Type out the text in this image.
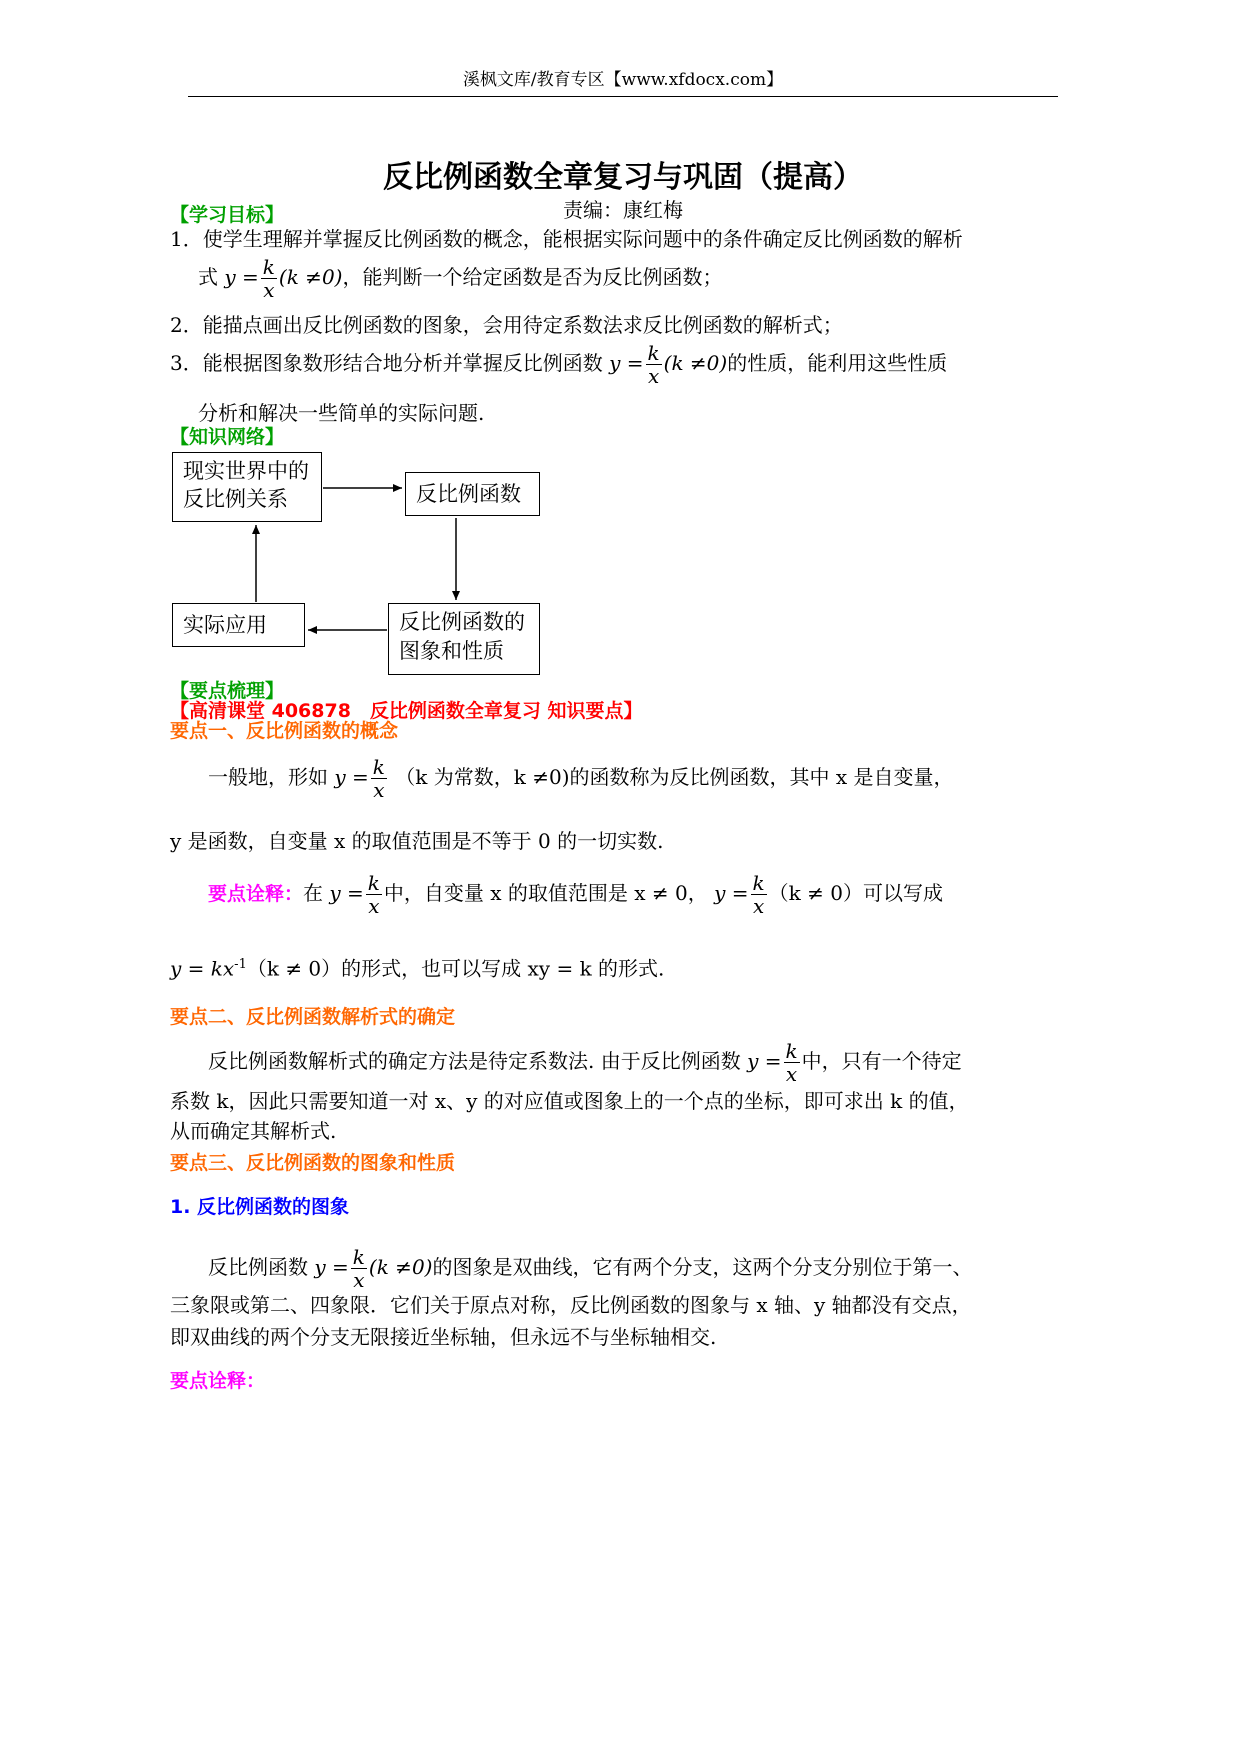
溪枫文库/教育专区【www.xfdocx.com】
反比例函数全章复习与巩固（提高）
责编：康红梅
【学习目标】
1．使学生理解并掌握反比例函数的概念，能根据实际问题中的条件确定反比例函数的解析
式 $y = \frac{k}{x} (k \ne 0)$，能判断一个给定函数是否为反比例函数；
2．能描点画出反比例函数的图象，会用待定系数法求反比例函数的解析式；
3．能根据图象数形结合地分析并掌握反比例函数 $y = \frac{k}{x} (k \ne 0)$的性质，能利用这些性质
分析和解决一些简单的实际问题.
【知识网络】
现实世界中的
反比例关系	反比例函数
实际应用	反比例函数的
图象和性质
【要点梳理】
【高清课堂 406878　反比例函数全章复习 知识要点】
要点一、反比例函数的概念
一般地，形如 $y = \frac{k}{x} (k$ 为常数，k ≠0)的函数称为反比例函数，其中 x 是自变量，
y 是函数，自变量 x 的取值范围是不等于 0 的一切实数.
要点诠释：在 $y = \frac{k}{x}$ 中，自变量 x 的取值范围是 x ≠ 0， $y = \frac{k}{x} (k \ne 0)$可以写成
$y = kx^{-1}(k \ne 0)$的形式，也可以写成 xy = k 的形式.
要点二、反比例函数解析式的确定
反比例函数解析式的确定方法是待定系数法. 由于反比例函数 $y = \frac{k}{x}$ 中，只有一个待定
系数 k，因此只需要知道一对 x、y 的对应值或图象上的一个点的坐标，即可求出 k 的值，
从而确定其解析式.
要点三、反比例函数的图象和性质
1. 反比例函数的图象
反比例函数 $y = \frac{k}{x} (k \ne 0)$的图象是双曲线，它有两个分支，这两个分支分别位于第一、
三象限或第二、四象限．它们关于原点对称，反比例函数的图象与 x 轴、y 轴都没有交点，
即双曲线的两个分支无限接近坐标轴，但永远不与坐标轴相交.
要点诠释：
